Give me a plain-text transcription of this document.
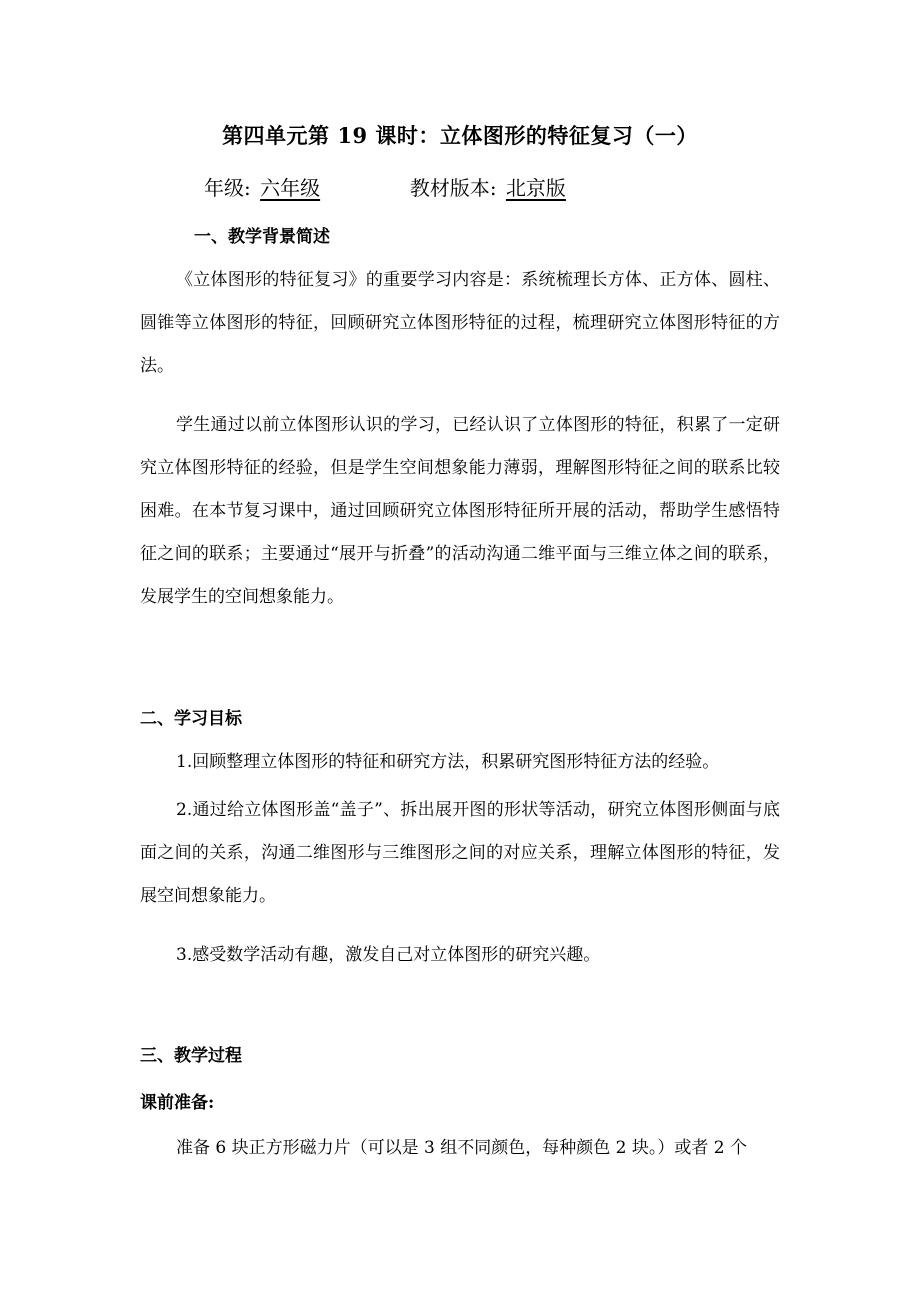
第四单元第 19 课时：立体图形的特征复习（一）
年级: 六年级	教材版本: 北京版
一、教学背景简述
《立体图形的特征复习》的重要学习内容是：系统梳理长方体、正方体、圆柱、圆锥等立体图形的特征，回顾研究立体图形特征的过程，梳理研究立体图形特征的方法。
学生通过以前立体图形认识的学习，已经认识了立体图形的特征，积累了一定研究立体图形特征的经验，但是学生空间想象能力薄弱，理解图形特征之间的联系比较困难。在本节复习课中，通过回顾研究立体图形特征所开展的活动，帮助学生感悟特征之间的联系；主要通过“展开与折叠”的活动沟通二维平面与三维立体之间的联系，发展学生的空间想象能力。
二、学习目标
1.回顾整理立体图形的特征和研究方法，积累研究图形特征方法的经验。
2.通过给立体图形盖“盖子”、拆出展开图的形状等活动，研究立体图形侧面与底面之间的关系，沟通二维图形与三维图形之间的对应关系，理解立体图形的特征，发展空间想象能力。
3.感受数学活动有趣，激发自己对立体图形的研究兴趣。
三、教学过程
课前准备:
准备 6 块正方形磁力片（可以是 3 组不同颜色，每种颜色 2 块。）或者 2 个
